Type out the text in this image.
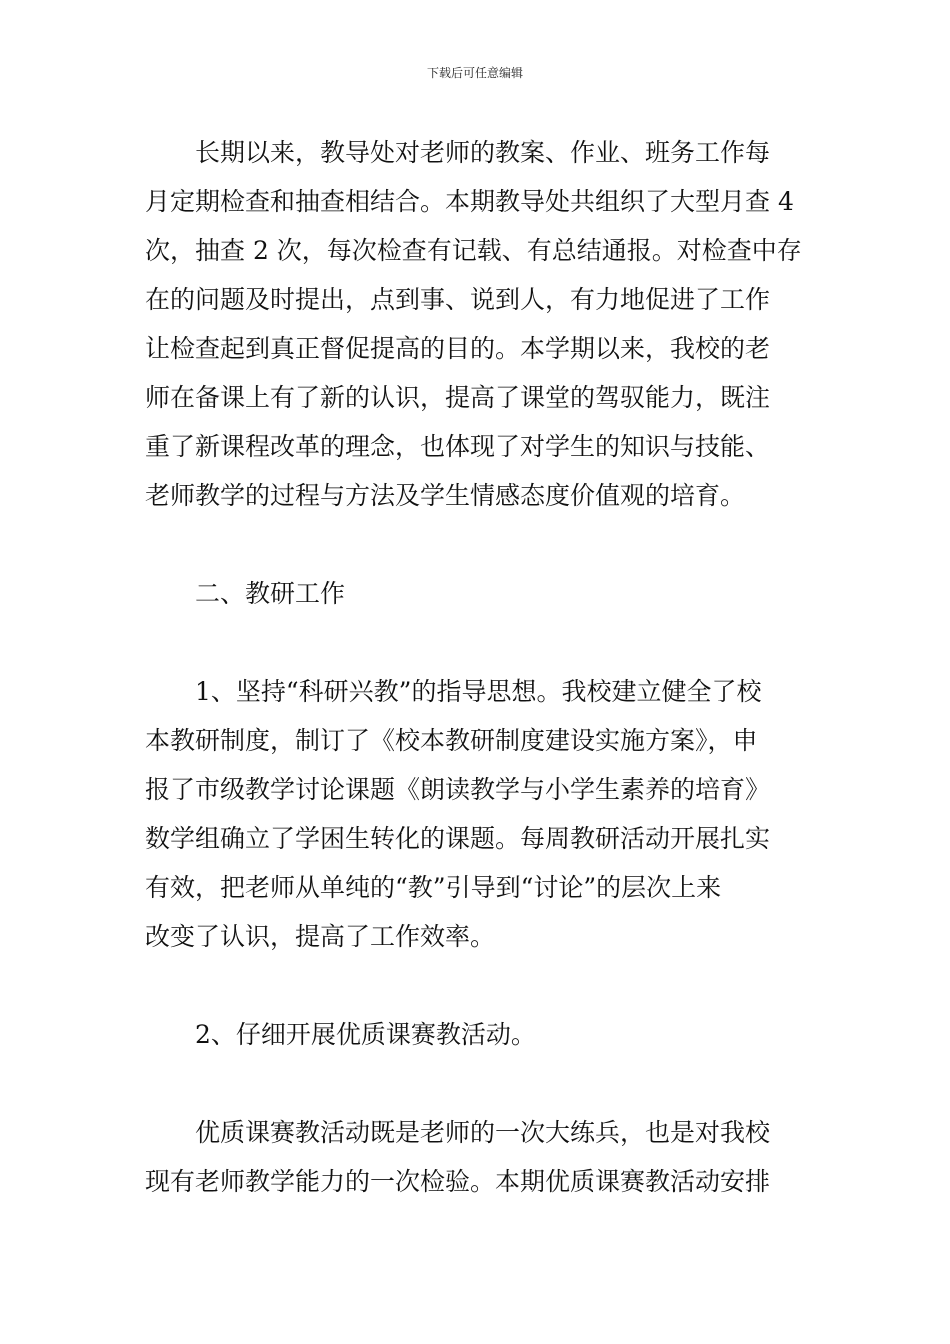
下载后可任意编辑
长期以来，教导处对老师的教案、作业、班务工作每
月定期检查和抽查相结合。本期教导处共组织了大型月查 4
次，抽查 2 次，每次检查有记载、有总结通报。对检查中存
在的问题及时提出，点到事、说到人，有力地促进了工作
让检查起到真正督促提高的目的。本学期以来，我校的老
师在备课上有了新的认识，提高了课堂的驾驭能力，既注
重了新课程改革的理念，也体现了对学生的知识与技能、
老师教学的过程与方法及学生情感态度价值观的培育。
二、教研工作
1、坚持“科研兴教”的指导思想。我校建立健全了校
本教研制度，制订了《校本教研制度建设实施方案》，申
报了市级教学讨论课题《朗读教学与小学生素养的培育》
数学组确立了学困生转化的课题。每周教研活动开展扎实
有效，把老师从单纯的“教”引导到“讨论”的层次上来
改变了认识，提高了工作效率。
2、仔细开展优质课赛教活动。
优质课赛教活动既是老师的一次大练兵，也是对我校
现有老师教学能力的一次检验。本期优质课赛教活动安排
